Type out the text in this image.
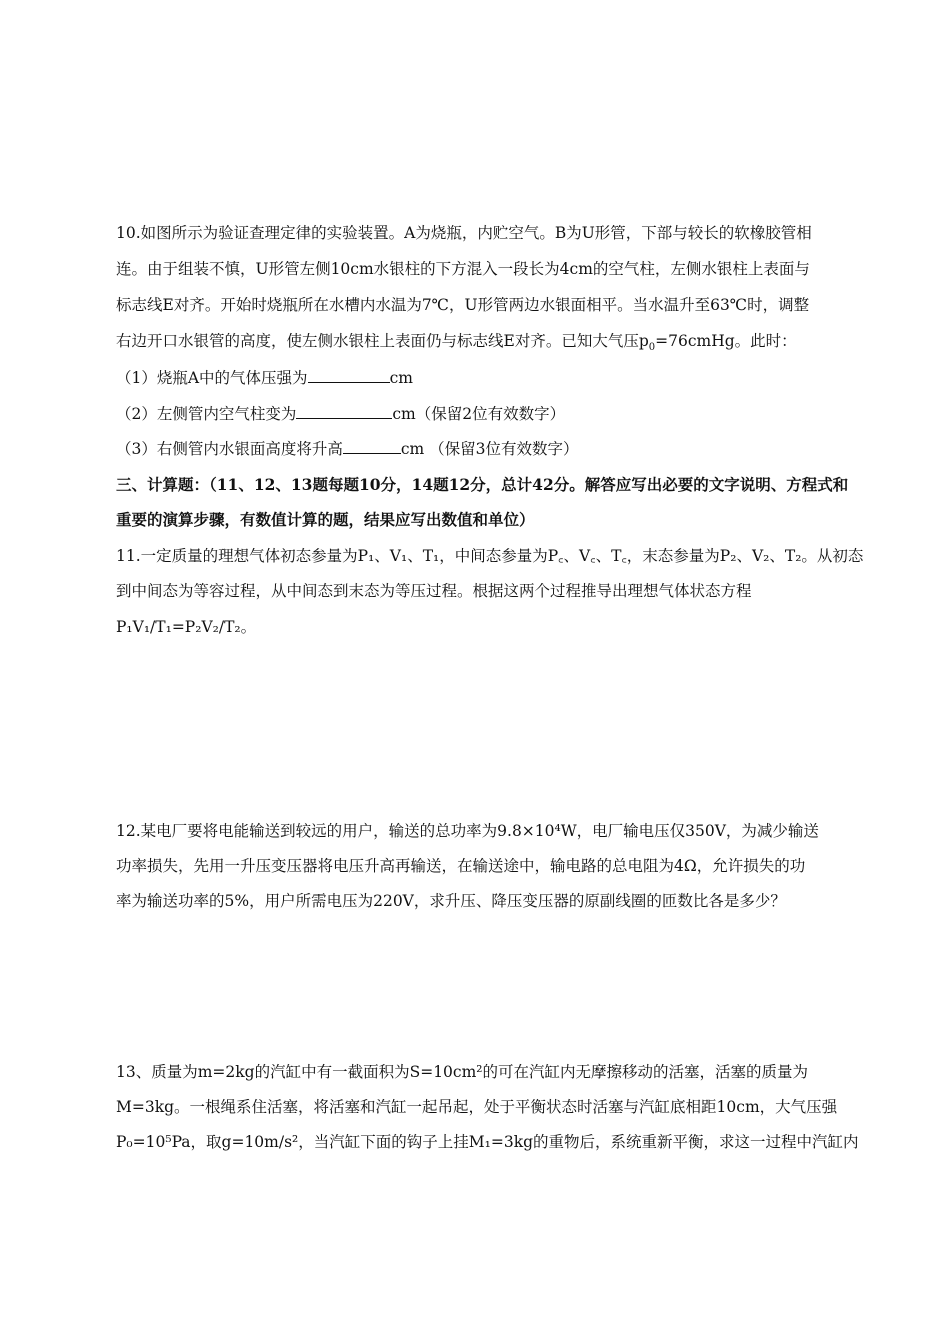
10.如图所示为验证查理定律的实验装置。A为烧瓶，内贮空气。B为U形管，下部与较长的软橡胶管相
连。由于组装不慎，U形管左侧10cm水银柱的下方混入一段长为4cm的空气柱，左侧水银柱上表面与
标志线E对齐。开始时烧瓶所在水槽内水温为7℃，U形管两边水银面相平。当水温升至63℃时，调整
右边开口水银管的高度，使左侧水银柱上表面仍与标志线E对齐。已知大气压$p_0=76cmHg$。此时：
（1）烧瓶A中的气体压强为	cm
（2）左侧管内空气柱变为	cm（保留2位有效数字）
（3）右侧管内水银面高度将升高	cm （保留3位有效数字）
三、计算题：（11、12、13题每题10分，14题12分，总计42分。解答应写出必要的文字说明、方程式和
重要的演算步骤，有数值计算的题，结果应写出数值和单位）
11.一定质量的理想气体初态参量为P₁、V₁、T₁，中间态参量为P꜀、V꜀、T꜀，末态参量为P₂、V₂、T₂。从初态
到中间态为等容过程，从中间态到末态为等压过程。根据这两个过程推导出理想气体状态方程
P₁V₁/T₁=P₂V₂/T₂。
12.某电厂要将电能输送到较远的用户，输送的总功率为9.8×10⁴W，电厂输电压仅350V，为减少输送
功率损失，先用一升压变压器将电压升高再输送，在输送途中，输电路的总电阻为4Ω，允许损失的功
率为输送功率的5%，用户所需电压为220V，求升压、降压变压器的原副线圈的匝数比各是多少？
13、质量为m=2kg的汽缸中有一截面积为S=10cm²的可在汽缸内无摩擦移动的活塞，活塞的质量为
M=3kg。一根绳系住活塞，将活塞和汽缸一起吊起，处于平衡状态时活塞与汽缸底相距10cm，大气压强
P₀=10⁵Pa，取g=10m/s²，当汽缸下面的钩子上挂M₁=3kg的重物后，系统重新平衡，求这一过程中汽缸内
